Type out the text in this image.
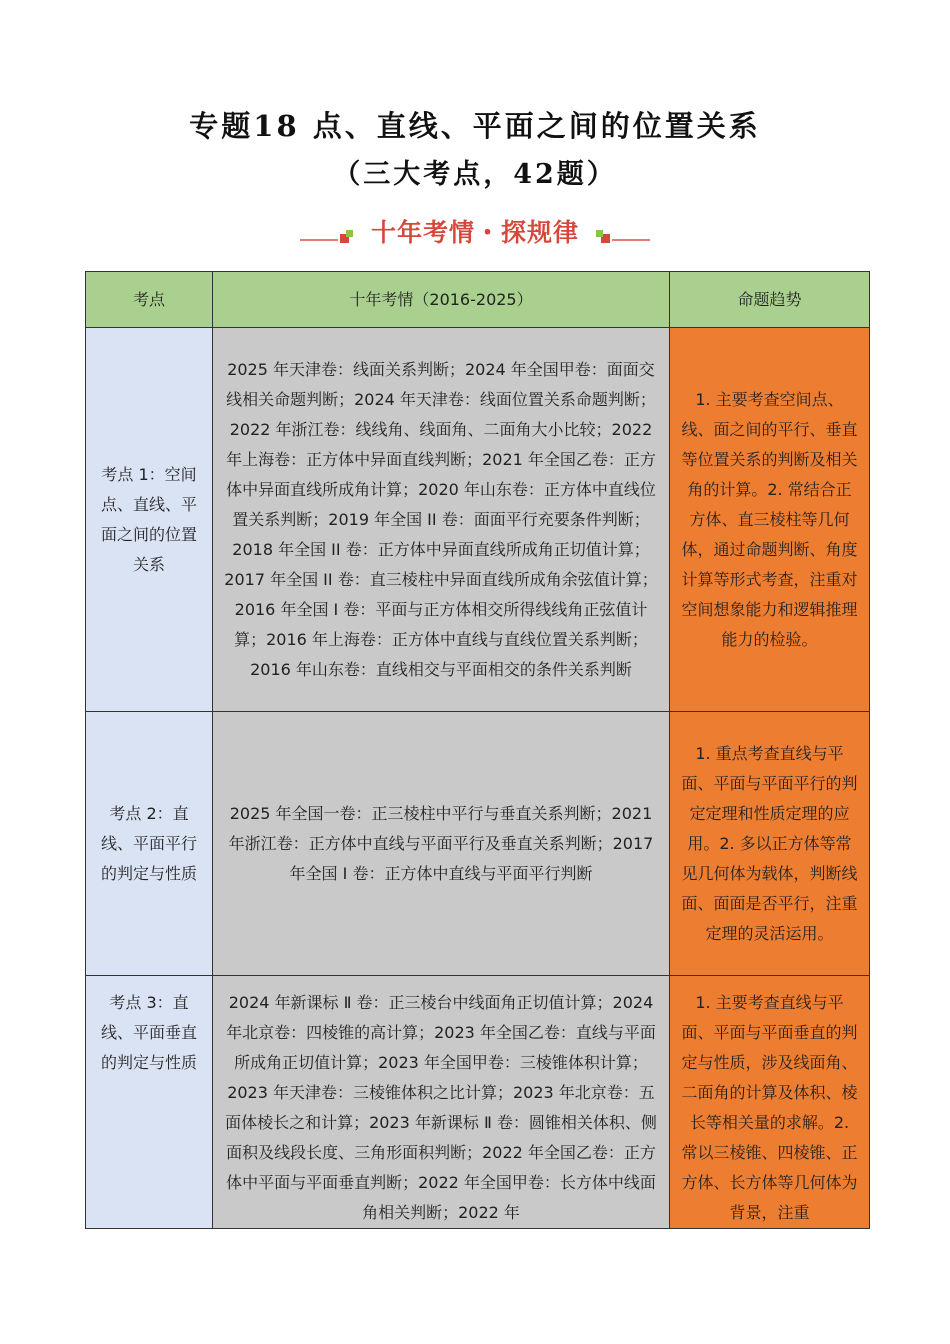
专题18 点、直线、平面之间的位置关系
（三大考点，42题）
十年考情・探规律
考点	十年考情（2016-2025）	命题趋势
考点 1：空间点、直线、平面之间的位置关系	2025 年天津卷：线面关系判断；2024 年全国甲卷：面面交线相关命题判断；2024 年天津卷：线面位置关系命题判断；2022 年浙江卷：线线角、线面角、二面角大小比较；2022 年上海卷：正方体中异面直线判断；2021 年全国乙卷：正方体中异面直线所成角计算；2020 年山东卷：正方体中直线位置关系判断；2019 年全国 II 卷：面面平行充要条件判断；2018 年全国 II 卷：正方体中异面直线所成角正切值计算；2017 年全国 II 卷：直三棱柱中异面直线所成角余弦值计算；2016 年全国 I 卷：平面与正方体相交所得线线角正弦值计算；2016 年上海卷：正方体中直线与直线位置关系判断；2016 年山东卷：直线相交与平面相交的条件关系判断	1. 主要考查空间点、线、面之间的平行、垂直等位置关系的判断及相关角的计算。2. 常结合正方体、直三棱柱等几何体，通过命题判断、角度计算等形式考查，注重对空间想象能力和逻辑推理能力的检验。
考点 2：直线、平面平行的判定与性质	2025 年全国一卷：正三棱柱中平行与垂直关系判断；2021 年浙江卷：正方体中直线与平面平行及垂直关系判断；2017 年全国 I 卷：正方体中直线与平面平行判断	1. 重点考查直线与平面、平面与平面平行的判定定理和性质定理的应用。2. 多以正方体等常见几何体为载体，判断线面、面面是否平行，注重定理的灵活运用。
考点 3：直线、平面垂直的判定与性质	2024 年新课标 Ⅱ 卷：正三棱台中线面角正切值计算；2024 年北京卷：四棱锥的高计算；2023 年全国乙卷：直线与平面所成角正切值计算；2023 年全国甲卷：三棱锥体积计算；2023 年天津卷：三棱锥体积之比计算；2023 年北京卷：五面体棱长之和计算；2023 年新课标 Ⅱ 卷：圆锥相关体积、侧面积及线段长度、三角形面积判断；2022 年全国乙卷：正方体中平面与平面垂直判断；2022 年全国甲卷：长方体中线面角相关判断；2022 年	1. 主要考查直线与平面、平面与平面垂直的判定与性质，涉及线面角、二面角的计算及体积、棱长等相关量的求解。2. 常以三棱锥、四棱锥、正方体、长方体等几何体为背景，注重
